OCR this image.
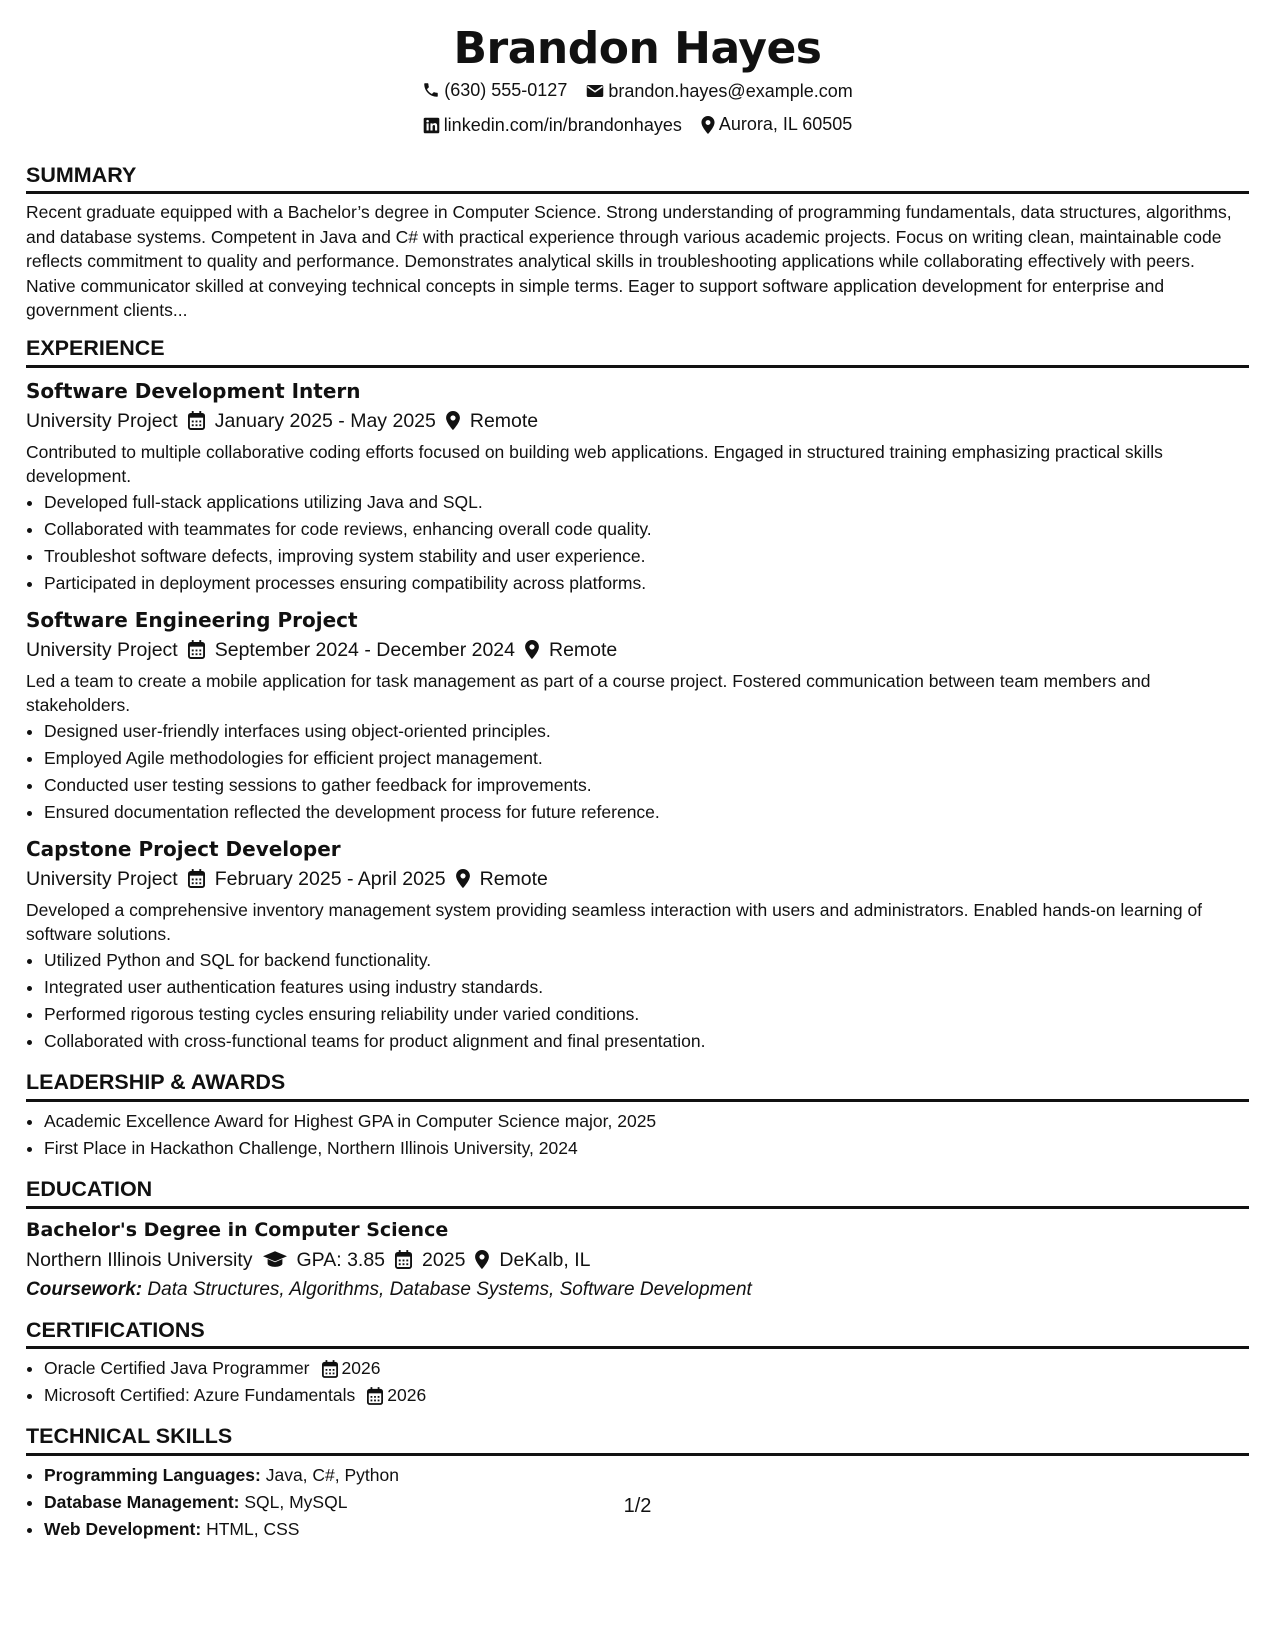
Brandon Hayes
(630) 555-0127
brandon.hayes@example.com
linkedin.com/in/brandonhayes
Aurora, IL 60505
SUMMARY
Recent graduate equipped with a Bachelor’s degree in Computer Science. Strong understanding of programming fundamentals, data structures, algorithms, and database systems. Competent in Java and C# with practical experience through various academic projects. Focus on writing clean, maintainable code reflects commitment to quality and performance. Demonstrates analytical skills in troubleshooting applications while collaborating effectively with peers. Native communicator skilled at conveying technical concepts in simple terms. Eager to support software application development for enterprise and government clients...
EXPERIENCE
Software Development Intern
University Project January 2025 - May 2025 Remote
Contributed to multiple collaborative coding efforts focused on building web applications. Engaged in structured training emphasizing practical skills development.
• Developed full-stack applications utilizing Java and SQL.
• Collaborated with teammates for code reviews, enhancing overall code quality.
• Troubleshot software defects, improving system stability and user experience.
• Participated in deployment processes ensuring compatibility across platforms.
Software Engineering Project
University Project September 2024 - December 2024 Remote
Led a team to create a mobile application for task management as part of a course project. Fostered communication between team members and stakeholders.
• Designed user-friendly interfaces using object-oriented principles.
• Employed Agile methodologies for efficient project management.
• Conducted user testing sessions to gather feedback for improvements.
• Ensured documentation reflected the development process for future reference.
Capstone Project Developer
University Project February 2025 - April 2025 Remote
Developed a comprehensive inventory management system providing seamless interaction with users and administrators. Enabled hands-on learning of software solutions.
• Utilized Python and SQL for backend functionality.
• Integrated user authentication features using industry standards.
• Performed rigorous testing cycles ensuring reliability under varied conditions.
• Collaborated with cross-functional teams for product alignment and final presentation.
LEADERSHIP & AWARDS
• Academic Excellence Award for Highest GPA in Computer Science major, 2025
• First Place in Hackathon Challenge, Northern Illinois University, 2024
EDUCATION
Bachelor's Degree in Computer Science
Northern Illinois University GPA: 3.85 2025 DeKalb, IL
Coursework: Data Structures, Algorithms, Database Systems, Software Development
CERTIFICATIONS
• Oracle Certified Java Programmer 2026
• Microsoft Certified: Azure Fundamentals 2026
TECHNICAL SKILLS
• Programming Languages: Java, C#, Python
• Database Management: SQL, MySQL
• Web Development: HTML, CSS
1/2
